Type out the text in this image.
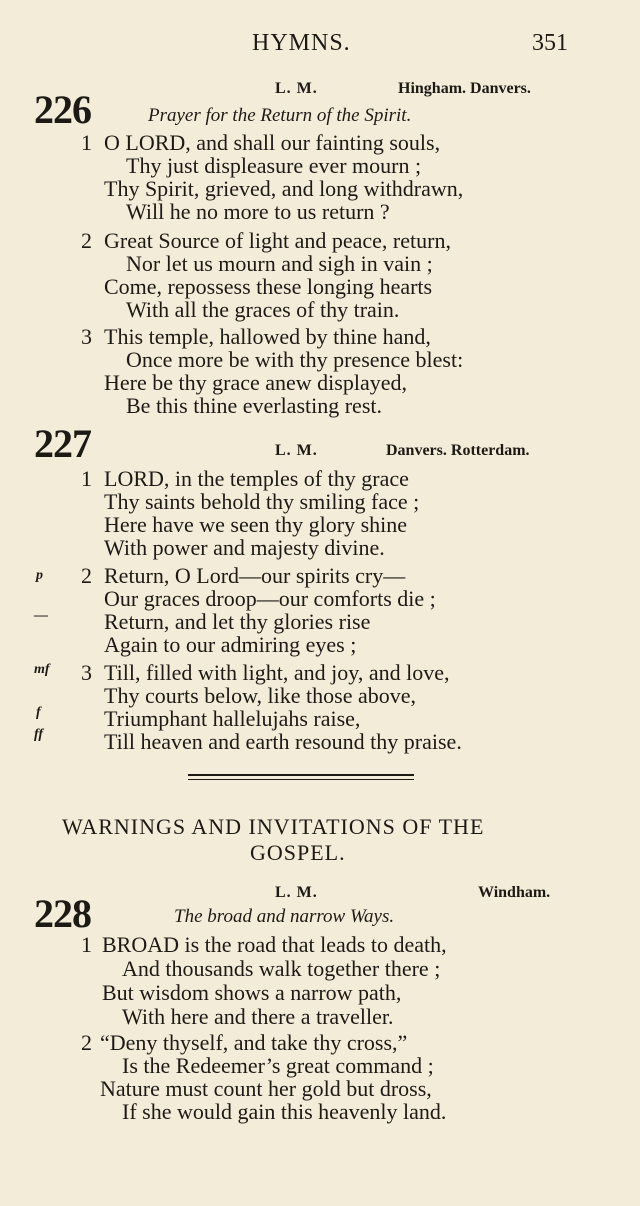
HYMNS.	351
226	L. M.	Hingham. Danvers.
Prayer for the Return of the Spirit.
1 O LORD, and shall our fainting souls,
Thy just displeasure ever mourn ;
Thy Spirit, grieved, and long withdrawn,
Will he no more to us return ?
2 Great Source of light and peace, return,
Nor let us mourn and sigh in vain ;
Come, repossess these longing hearts
With all the graces of thy train.
3 This temple, hallowed by thine hand,
Once more be with thy presence blest:
Here be thy grace anew displayed,
Be this thine everlasting rest.
227	L. M.	Danvers. Rotterdam.
1 LORD, in the temples of thy grace
Thy saints behold thy smiling face ;
Here have we seen thy glory shine
With power and majesty divine.
p	2 Return, O Lord—our spirits cry—
Our graces droop—our comforts die ;
—	Return, and let thy glories rise
Again to our admiring eyes ;
mf	3 Till, filled with light, and joy, and love,
Thy courts below, like those above,
f	Triumphant hallelujahs raise,
ff	Till heaven and earth resound thy praise.
WARNINGS AND INVITATIONS OF THE
GOSPEL.
L. M.	Windham.
228	The broad and narrow Ways.
1 BROAD is the road that leads to death,
And thousands walk together there ;
But wisdom shows a narrow path,
With here and there a traveller.
2 “Deny thyself, and take thy cross,”
Is the Redeemer’s great command ;
Nature must count her gold but dross,
If she would gain this heavenly land.
